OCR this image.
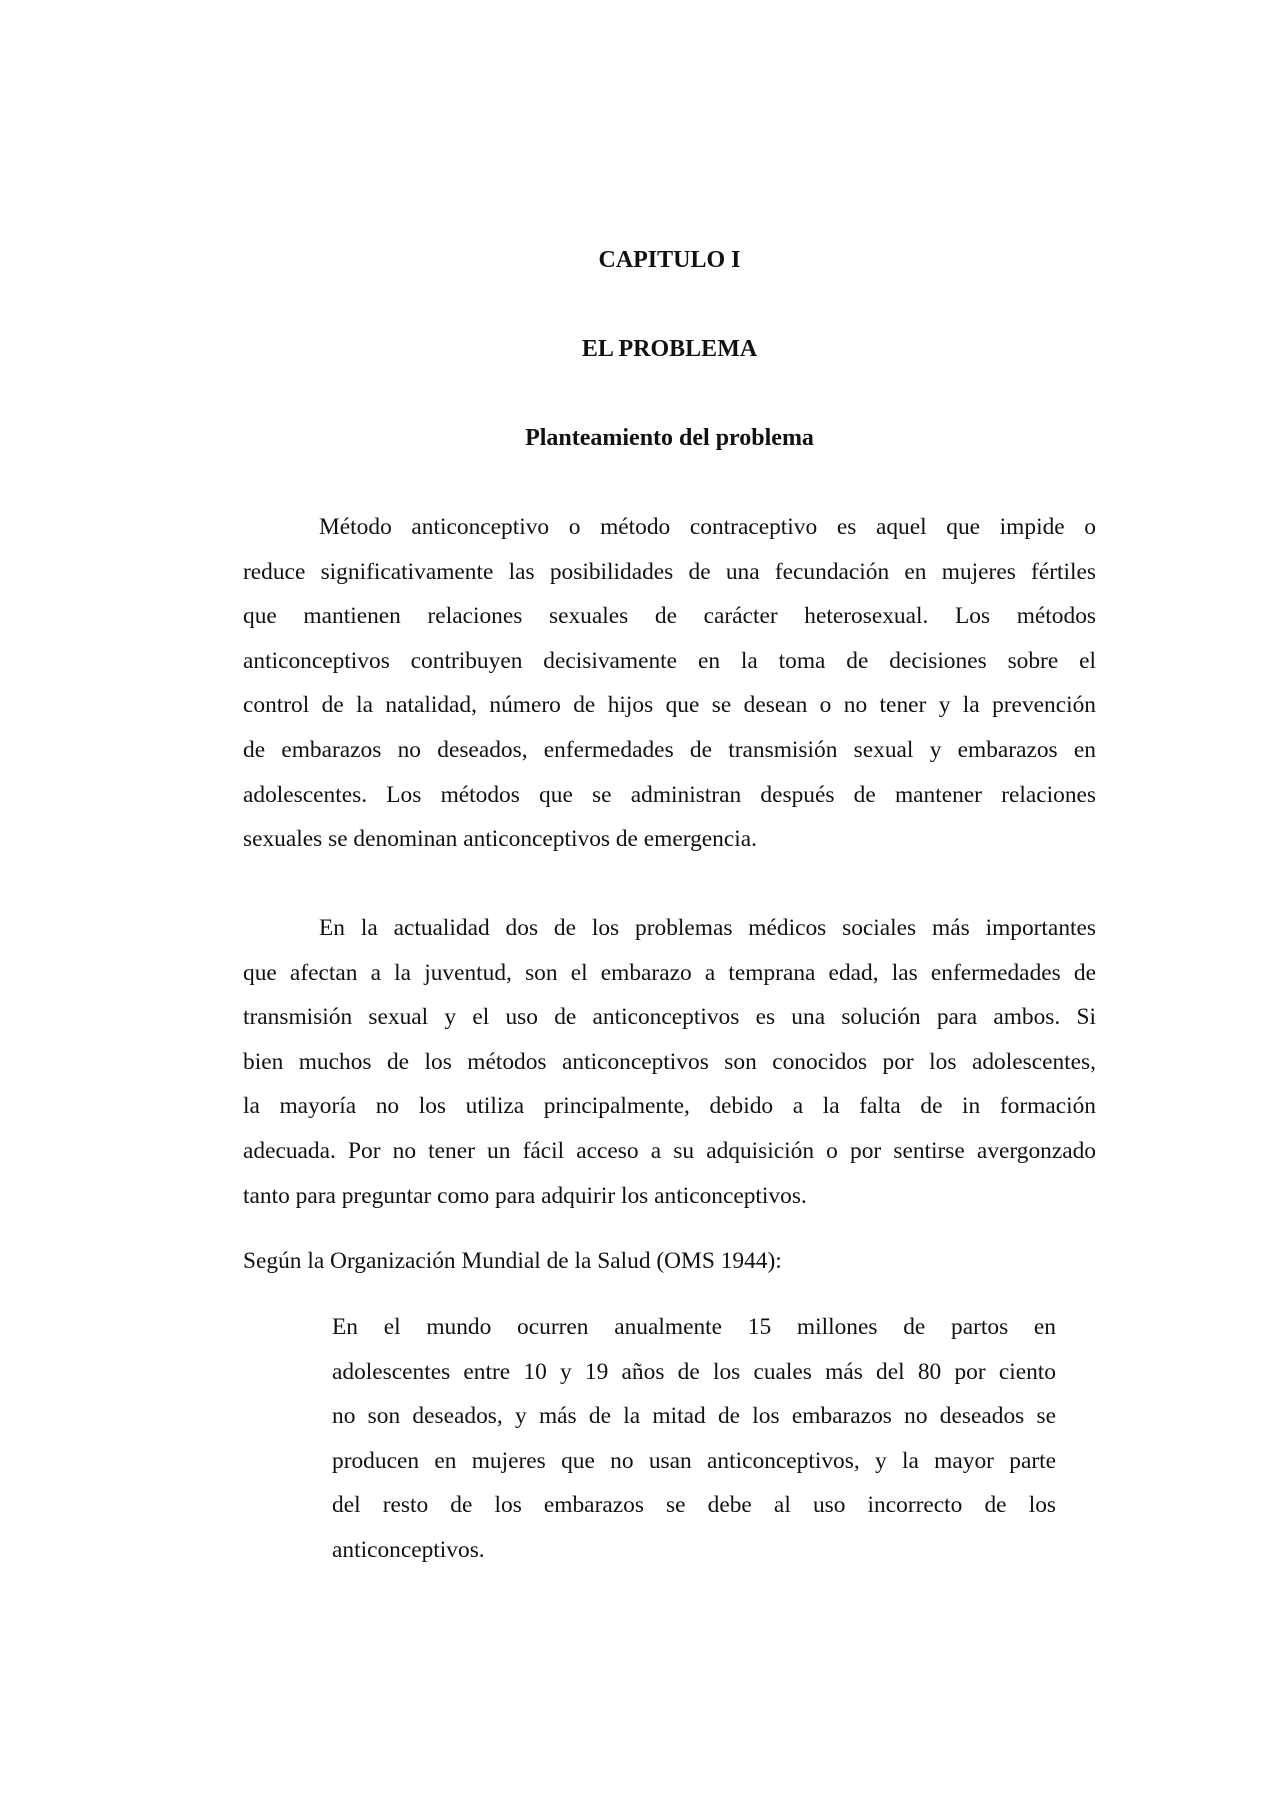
CAPITULO I
EL PROBLEMA
Planteamiento del problema

Método anticonceptivo o método contraceptivo es aquel que impide o
reduce significativamente las posibilidades de una fecundación en mujeres fértiles
que mantienen relaciones sexuales de carácter heterosexual. Los métodos
anticonceptivos contribuyen decisivamente en la toma de decisiones sobre el
control de la natalidad, número de hijos que se desean o no tener y la prevención
de embarazos no deseados, enfermedades de transmisión sexual y embarazos en
adolescentes. Los métodos que se administran después de mantener relaciones
sexuales se denominan anticonceptivos de emergencia.

En la actualidad dos de los problemas médicos sociales más importantes
que afectan a la juventud, son el embarazo a temprana edad, las enfermedades de
transmisión sexual y el uso de anticonceptivos es una solución para ambos. Si
bien muchos de los métodos anticonceptivos son conocidos por los adolescentes,
la mayoría no los utiliza principalmente, debido a la falta de in formación
adecuada. Por no tener un fácil acceso a su adquisición o por sentirse avergonzado
tanto para preguntar como para adquirir los anticonceptivos.

Según la Organización Mundial de la Salud (OMS 1944):

En el mundo ocurren anualmente 15 millones de partos en
adolescentes entre 10 y 19 años de los cuales más del 80 por ciento
no son deseados, y más de la mitad de los embarazos no deseados se
producen en mujeres que no usan anticonceptivos, y la mayor parte
del resto de los embarazos se debe al uso incorrecto de los
anticonceptivos.
